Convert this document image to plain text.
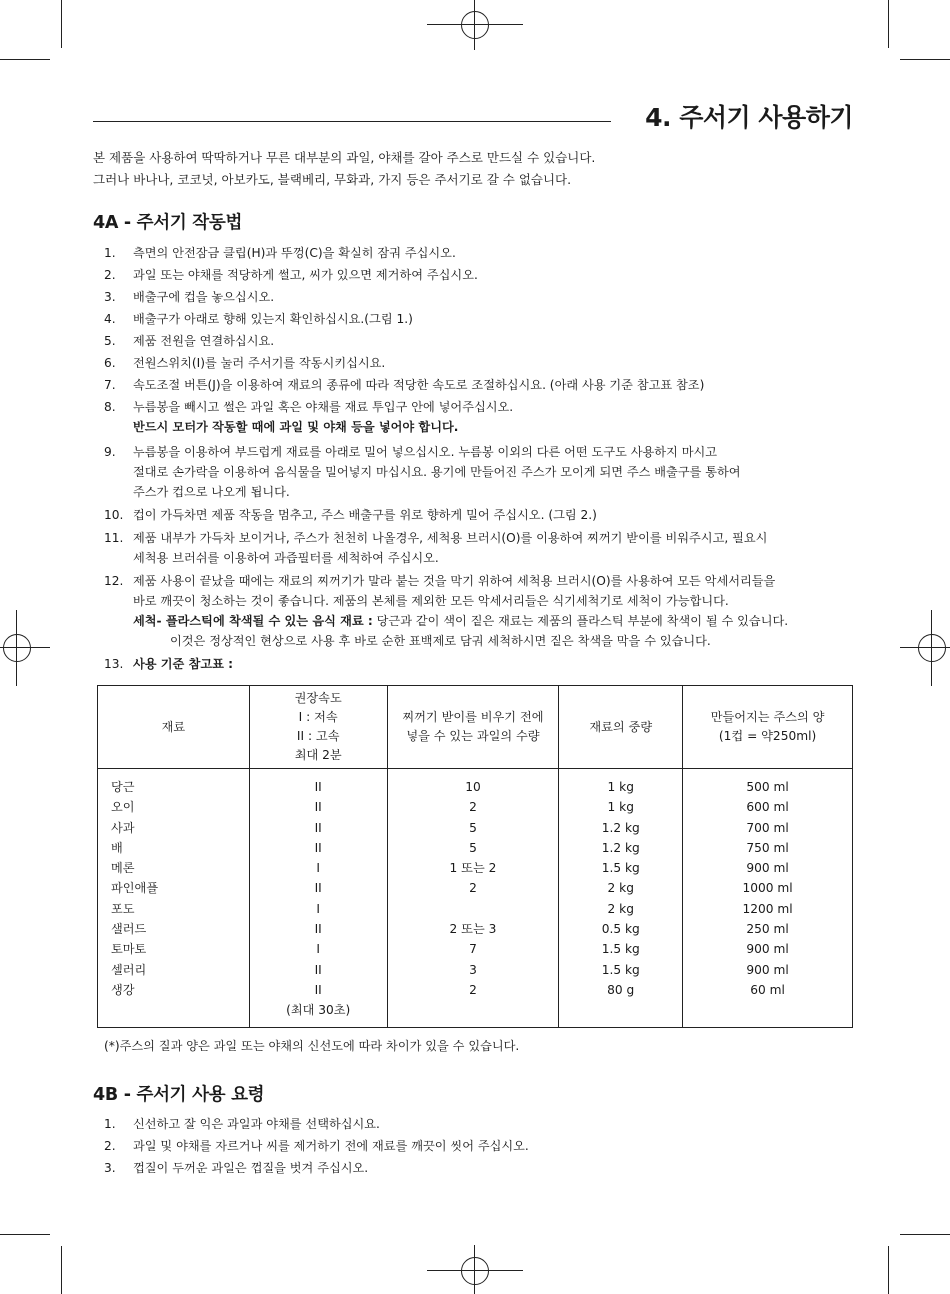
4. 주서기 사용하기
본 제품을 사용하여 딱딱하거나 무른 대부분의 과일, 야채를 갈아 주스로 만드실 수 있습니다.
그러나 바나나, 코코넛, 아보카도, 블랙베리, 무화과, 가지 등은 주서기로 갈 수 없습니다.
4A - 주서기 작동법
1. 측면의 안전잠금 클립(H)과 뚜껑(C)을 확실히 잠궈 주십시오.
2. 과일 또는 야채를 적당하게 썰고, 씨가 있으면 제거하여 주십시오.
3. 배출구에 컵을 놓으십시오.
4. 배출구가 아래로 향해 있는지 확인하십시요.(그림 1.)
5. 제품 전원을 연결하십시요.
6. 전원스위치(I)를 눌러 주서기를 작동시키십시요.
7. 속도조절 버튼(J)을 이용하여 재료의 종류에 따라 적당한 속도로 조절하십시요. (아래 사용 기준 참고표 참조)
8. 누름봉을 빼시고 썰은 과일 혹은 야채를 재료 투입구 안에 넣어주십시오.
반드시 모터가 작동할 때에 과일 및 야채 등을 넣어야 합니다.
9. 누름봉을 이용하여 부드럽게 재료를 아래로 밀어 넣으십시오. 누름봉 이외의 다른 어떤 도구도 사용하지 마시고
절대로 손가락을 이용하여 음식물을 밀어넣지 마십시요. 용기에 만들어진 주스가 모이게 되면 주스 배출구를 통하여
주스가 컵으로 나오게 됩니다.
10. 컵이 가득차면 제품 작동을 멈추고, 주스 배출구를 위로 향하게 밀어 주십시오. (그림 2.)
11. 제품 내부가 가득차 보이거나, 주스가 천천히 나올경우, 세척용 브러시(O)를 이용하여 찌꺼기 받이를 비워주시고, 필요시
세척용 브러쉬를 이용하여 과즙필터를 세척하여 주십시오.
12. 제품 사용이 끝났을 때에는 재료의 찌꺼기가 말라 붙는 것을 막기 위하여 세척용 브러시(O)를 사용하여 모든 악세서리들을
바로 깨끗이 청소하는 것이 좋습니다. 제품의 본체를 제외한 모든 악세서리들은 식기세척기로 세척이 가능합니다.
세척- 플라스틱에 착색될 수 있는 음식 재료 : 당근과 같이 색이 짙은 재료는 제품의 플라스틱 부분에 착색이 될 수 있습니다.

이것은 정상적인 현상으로 사용 후 바로 순한 표백제로 담궈 세척하시면 짙은 착색을 막을 수 있습니다.
13. 사용 기준 참고표 :
재료	권장속도
I : 저속
II : 고속
최대 2분	찌꺼기 받이를 비우기 전에
넣을 수 있는 과일의 수량	재료의 중량	만들어지는 주스의 양
(1컵 = 약250ml)
당근	II	10	1 kg	500 ml
오이	II	2	1 kg	600 ml
사과	II	5	1.2 kg	700 ml
배	II	5	1.2 kg	750 ml
메론	I	1 또는 2	1.5 kg	900 ml
파인애플	II	2	2 kg	1000 ml
포도	I		2 kg	1200 ml
샐러드	II	2 또는 3	0.5 kg	250 ml
토마토	I	7	1.5 kg	900 ml
셀러리	II	3	1.5 kg	900 ml
생강	II	2	80 g	60 ml
	(최대 30초)			
(*)주스의 질과 양은 과일 또는 야채의 신선도에 따라 차이가 있을 수 있습니다.
4B - 주서기 사용 요령
1. 신선하고 잘 익은 과일과 야채를 선택하십시요.
2. 과일 및 야채를 자르거나 씨를 제거하기 전에 재료를 깨끗이 씻어 주십시오.
3. 껍질이 두꺼운 과일은 껍질을 벗겨 주십시오.
